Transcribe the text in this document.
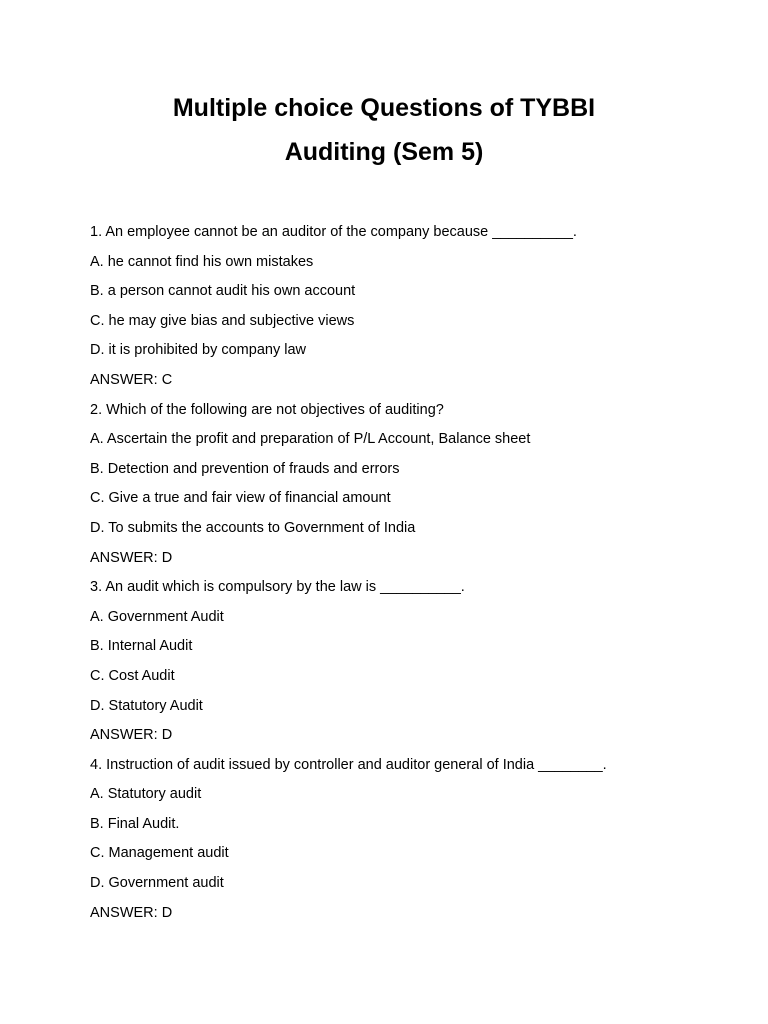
Multiple choice Questions of TYBBI
Auditing (Sem 5)
1. An employee cannot be an auditor of the company because __________.
A. he cannot find his own mistakes
B. a person cannot audit his own account
C. he may give bias and subjective views
D. it is prohibited by company law
ANSWER: C
2. Which of the following are not objectives of auditing?
A. Ascertain the profit and preparation of P/L Account, Balance sheet
B. Detection and prevention of frauds and errors
C. Give a true and fair view of financial amount
D. To submits the accounts to Government of India
ANSWER: D
3. An audit which is compulsory by the law is __________.
A. Government Audit
B. Internal Audit
C. Cost Audit
D. Statutory Audit
ANSWER: D
4. Instruction of audit issued by controller and auditor general of India ________.
A. Statutory audit
B. Final Audit.
C. Management audit
D. Government audit
ANSWER: D
